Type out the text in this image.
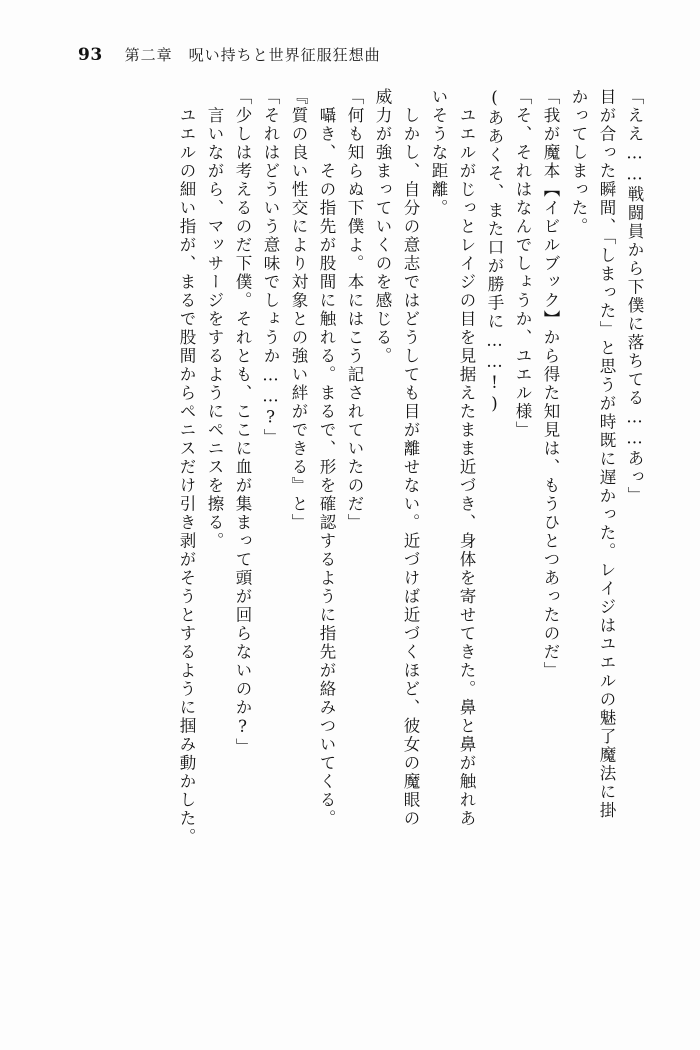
93 第二章　呪い持ちと世界征服狂想曲
「ええ……戦闘員から下僕に落ちてる……あっ」
目が合った瞬間、「しまった」と思うが時既に遅かった。レイジはユエルの魅了魔法に掛
かってしまった。
「我が魔本【イビルブック】から得た知見は、もうひとつあったのだ」
「そ、それはなんでしょうか、ユエル様」
(ああくそ、また口が勝手に……!)
　ユエルがじっとレイジの目を見据えたまま近づき、身体を寄せてきた。鼻と鼻が触れあ
いそうな距離。
　しかし、自分の意志ではどうしても目が離せない。近づけば近づくほど、彼女の魔眼の
威力が強まっていくのを感じる。
「何も知らぬ下僕よ。本にはこう記されていたのだ」
　囁き、その指先が股間に触れる。まるで、形を確認するように指先が絡みついてくる。
『質の良い性交により対象との強い絆ができる』と」
「それはどういう意味でしょうか……?」
「少しは考えるのだ下僕。それとも、ここに血が集まって頭が回らないのか?」
　言いながら、マッサージをするようにペニスを擦る。
　ユエルの細い指が、まるで股間からペニスだけ引き剥がそうとするように掴み動かした。
